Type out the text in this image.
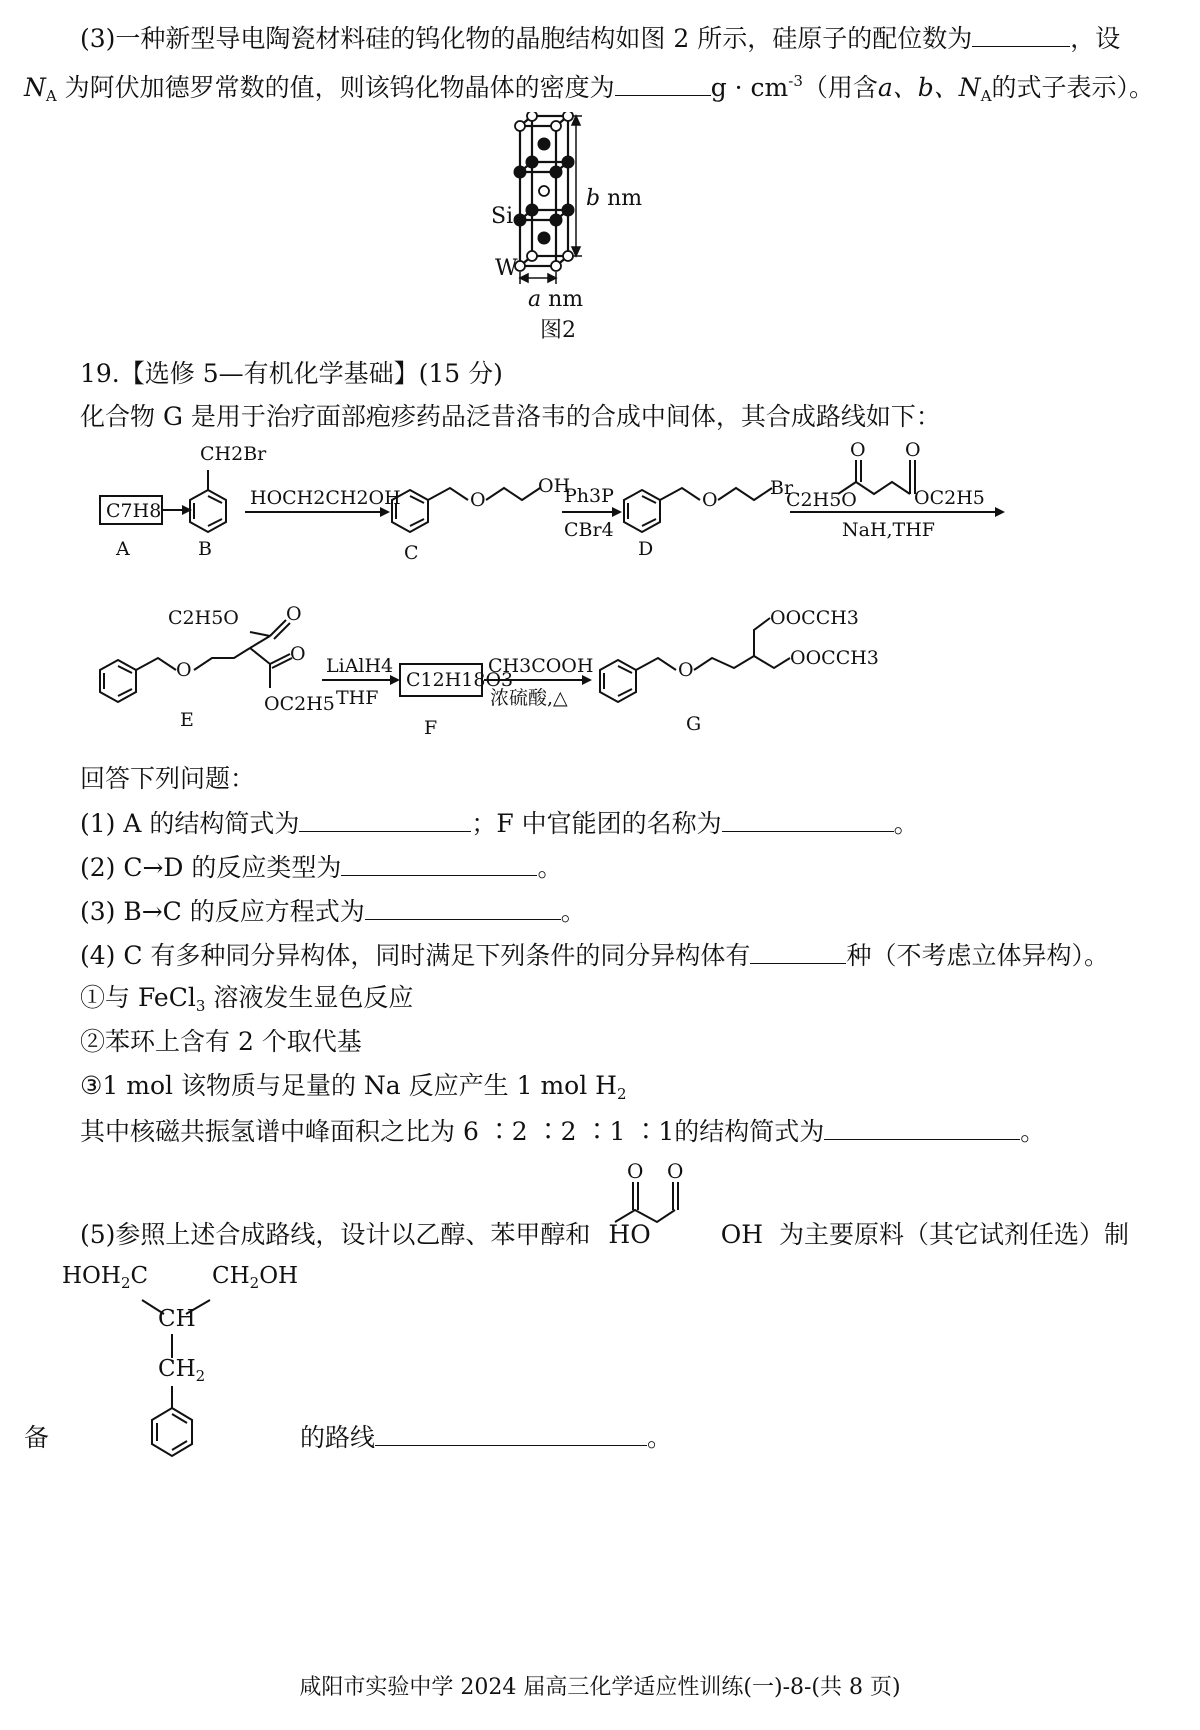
(3)一种新型导电陶瓷材料硅的钨化物的晶胞结构如图 2 所示，硅原子的配位数为	，设
$N_A$ 为阿伏加德罗常数的值，则该钨化物晶体的密度为	$g \cdot cm^{-3}$（用含a、b、$N_A$的式子表示）。
b nm
Si
W
a nm
图2
19.【选修 5—有机化学基础】(15 分)
化合物 G 是用于治疗面部疱疹药品泛昔洛韦的合成中间体，其合成路线如下：
C7H8
A
CH2Br
B
HOCH2CH2OH	O
OH
C
Ph3P
CBr4
O
Br
D
O O
C2H5O	OC2H5
NaH,THF
C2H5O O
O
O
OC2H5
E
LiAlH4
THF
C12H18O3
F
CH3COOH
浓硫酸,△
O
OOCCH3
OOCCH3
G
回答下列问题：
(1) A 的结构简式为	；F 中官能团的名称为	。
(2) C→D 的反应类型为	。
(3) B→C 的反应方程式为	。
(4) C 有多种同分异构体，同时满足下列条件的同分异构体有	种（不考虑立体异构）。
①与 FeCl$_3$ 溶液发生显色反应
②苯环上含有 2 个取代基
③1 mol 该物质与足量的 Na 反应产生 1 mol $H_2$
其中核磁共振氢谱中峰面积之比为 6 ∶2 ∶2 ∶1 ∶1的结构简式为	。
O O
(5)参照上述合成路线，设计以乙醇、苯甲醇和 HO	OH 为主要原料（其它试剂任选）制
$HOH_2C$	$CH_2OH$
CH
$CH_2$
备	的路线	。
咸阳市实验中学 2024 届高三化学适应性训练(一)-8-(共 8 页)
